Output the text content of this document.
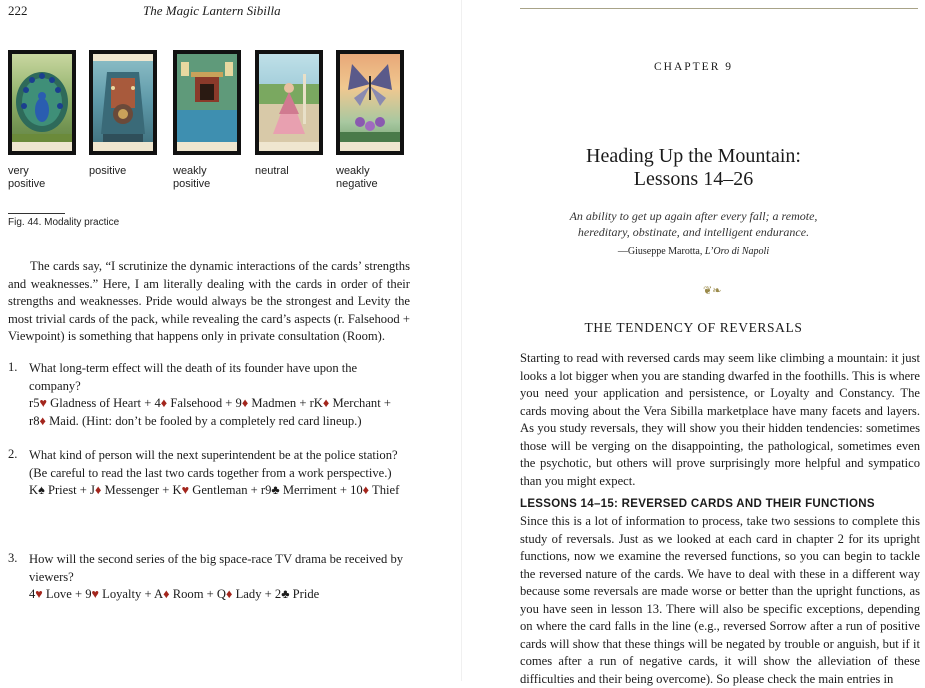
222	The Magic Lantern Sibilla
very
positive
positive	weakly
positive
neutral	weakly
negative
Fig. 44. Modality practice
The cards say, “I scrutinize the dynamic interactions of the cards’ strengths and weaknesses.” Here, I am literally dealing with the cards in order of their strengths and weaknesses. Pride would always be the strongest and Levity the most trivial cards of the pack, while revealing the card’s aspects (r. Falsehood + Viewpoint) is something that happens only in private consultation (Room).
1. What long-term effect will the death of its founder have upon the company?
r5♥ Gladness of Heart + 4♦ Falsehood + 9♦ Madmen + rK♦ Merchant + r8♦ Maid. (Hint: don’t be fooled by a completely red card lineup.)
2. What kind of person will the next superintendent be at the police station? (Be careful to read the last two cards together from a work perspective.)
K♠ Priest + J♦ Messenger + K♥ Gentleman + r9♣ Merriment + 10♦ Thief
3. How will the second series of the big space-race TV drama be received by viewers?
4♥ Love + 9♥ Loyalty + A♦ Room + Q♦ Lady + 2♣ Pride
CHAPTER 9
Heading Up the Mountain:
Lessons 14–26
An ability to get up again after every fall; a remote,
hereditary, obstinate, and intelligent endurance.
—Giuseppe Marotta, L’Oro di Napoli
❦❧
THE TENDENCY OF REVERSALS
Starting to read with reversed cards may seem like climbing a mountain: it just looks a lot bigger when you are standing dwarfed in the foothills. This is where you need your application and persistence, or Loyalty and Constancy. The cards moving about the Vera Sibilla marketplace have many facets and layers. As you study reversals, they will show you their hidden tendencies: sometimes those will be verging on the disappointing, the pathological, sometimes even the psychotic, but others will prove surprisingly more helpful and sympatico than you might expect.
LESSONS 14–15: REVERSED CARDS AND THEIR FUNCTIONS
Since this is a lot of information to process, take two sessions to complete this study of reversals. Just as we looked at each card in chapter 2 for its upright functions, now we examine the reversed functions, so you can begin to tackle the reversed nature of the cards. We have to deal with these in a different way because some reversals are made worse or better than the upright functions, as you have seen in lesson 13. There will also be specific exceptions, depending on where the card falls in the line (e.g., reversed Sorrow after a run of positive cards will show that these things will be negated by trouble or anguish, but if it comes after a run of negative cards, it will show the alleviation of these difficulties and their being overcome). So please check the main entries in
